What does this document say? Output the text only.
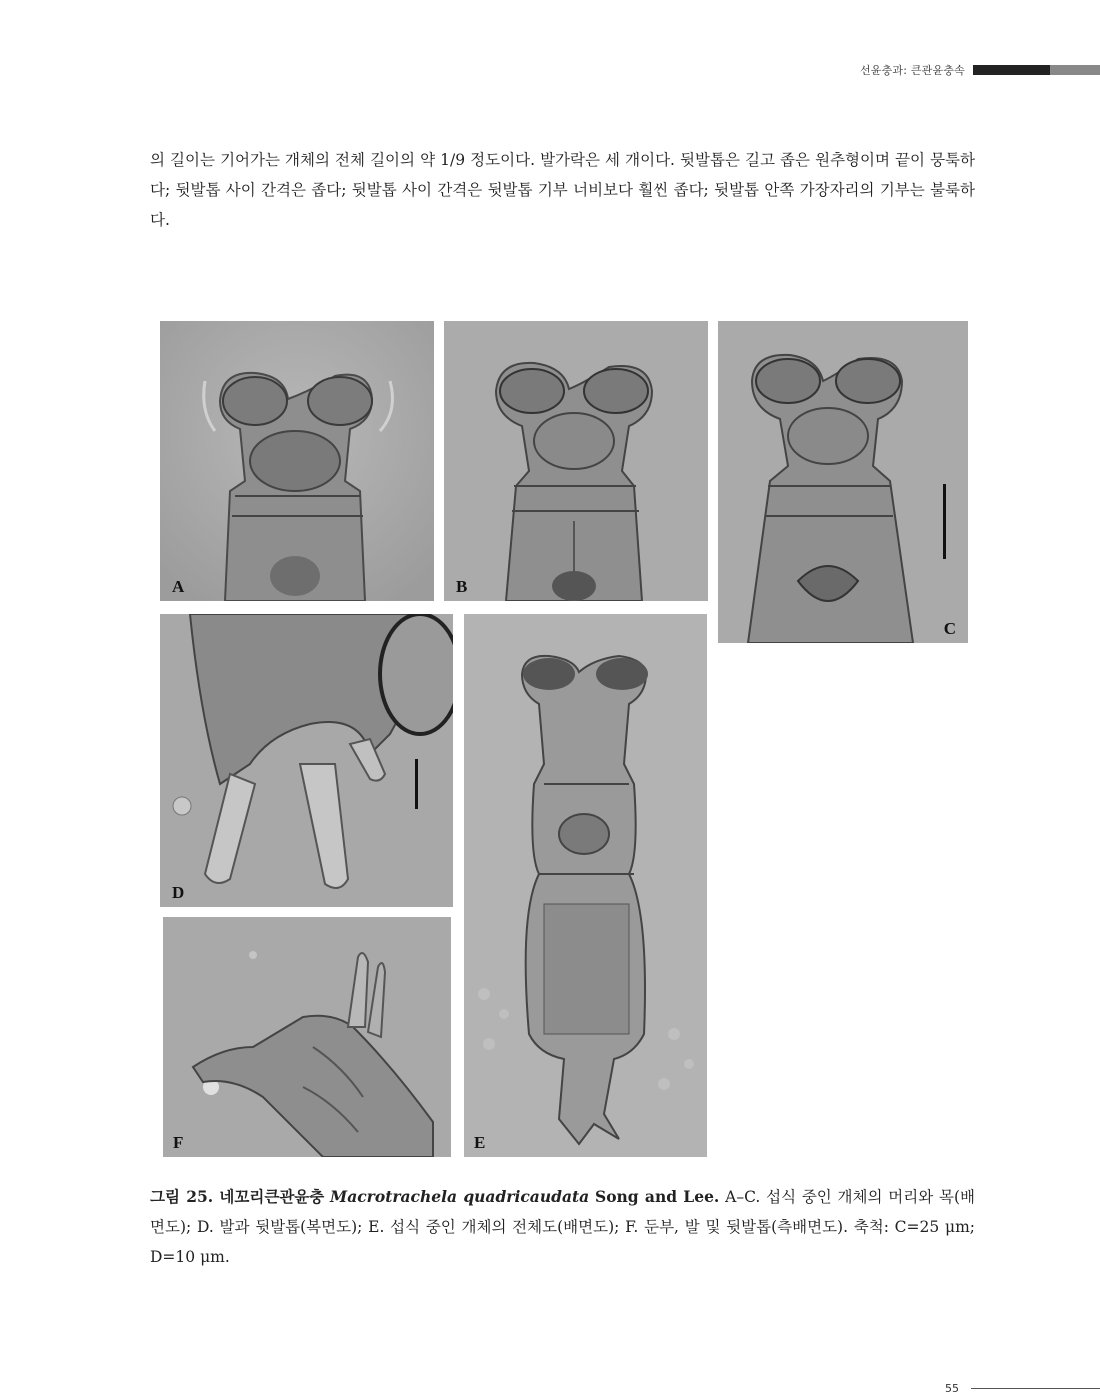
선윤충과: 큰관윤충속

의 길이는 기어가는 개체의 전체 길이의 약 1/9 정도이다. 발가락은 세 개이다. 뒷발톱은 길고 좁은 원추형이며 끝이 뭉툭하다; 뒷발톱 사이 간격은 좁다; 뒷발톱 사이 간격은 뒷발톱 기부 너비보다 훨씬 좁다; 뒷발톱 안쪽 가장자리의 기부는 불룩하다.

A	B
C
D
E
F
그림 25. 네꼬리큰관윤충 Macrotrachela quadricaudata Song and Lee. A–C. 섭식 중인 개체의 머리와 목(배면도); D. 발과 뒷발톱(복면도); E. 섭식 중인 개체의 전체도(배면도); F. 둔부, 발 및 뒷발톱(측배면도). 축척: C=25 μm; D=10 μm.
55
